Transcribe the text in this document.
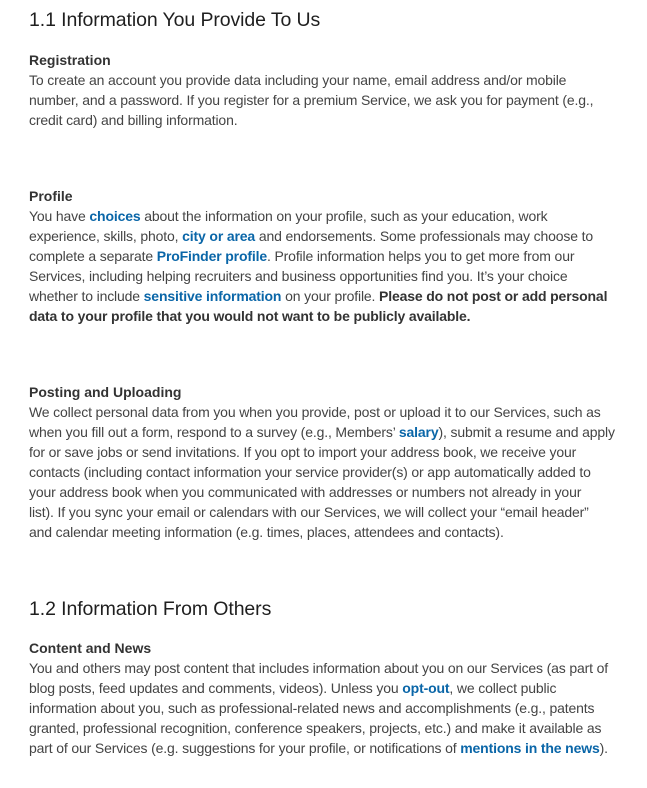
1.1 Information You Provide To Us

Registration

To create an account you provide data including your name, email address and/or mobile
number, and a password. If you register for a premium Service, we ask you for payment (e.g.,
credit card) and billing information.

Profile

You have choices about the information on your profile, such as your education, work
experience, skills, photo, city or area and endorsements. Some professionals may choose to
complete a separate ProFinder profile. Profile information helps you to get more from our
Services, including helping recruiters and business opportunities find you. It’s your choice
whether to include sensitive information on your profile. Please do not post or add personal
data to your profile that you would not want to be publicly available.

Posting and Uploading

We collect personal data from you when you provide, post or upload it to our Services, such as
when you fill out a form, respond to a survey (e.g., Members’ salary), submit a resume and apply
for or save jobs or send invitations. If you opt to import your address book, we receive your
contacts (including contact information your service provider(s) or app automatically added to
your address book when you communicated with addresses or numbers not already in your
list). If you sync your email or calendars with our Services, we will collect your “email header”
and calendar meeting information (e.g. times, places, attendees and contacts).
1.2 Information From Others

Content and News

You and others may post content that includes information about you on our Services (as part of
blog posts, feed updates and comments, videos). Unless you opt-out, we collect public
information about you, such as professional-related news and accomplishments (e.g., patents
granted, professional recognition, conference speakers, projects, etc.) and make it available as
part of our Services (e.g. suggestions for your profile, or notifications of mentions in the news).
